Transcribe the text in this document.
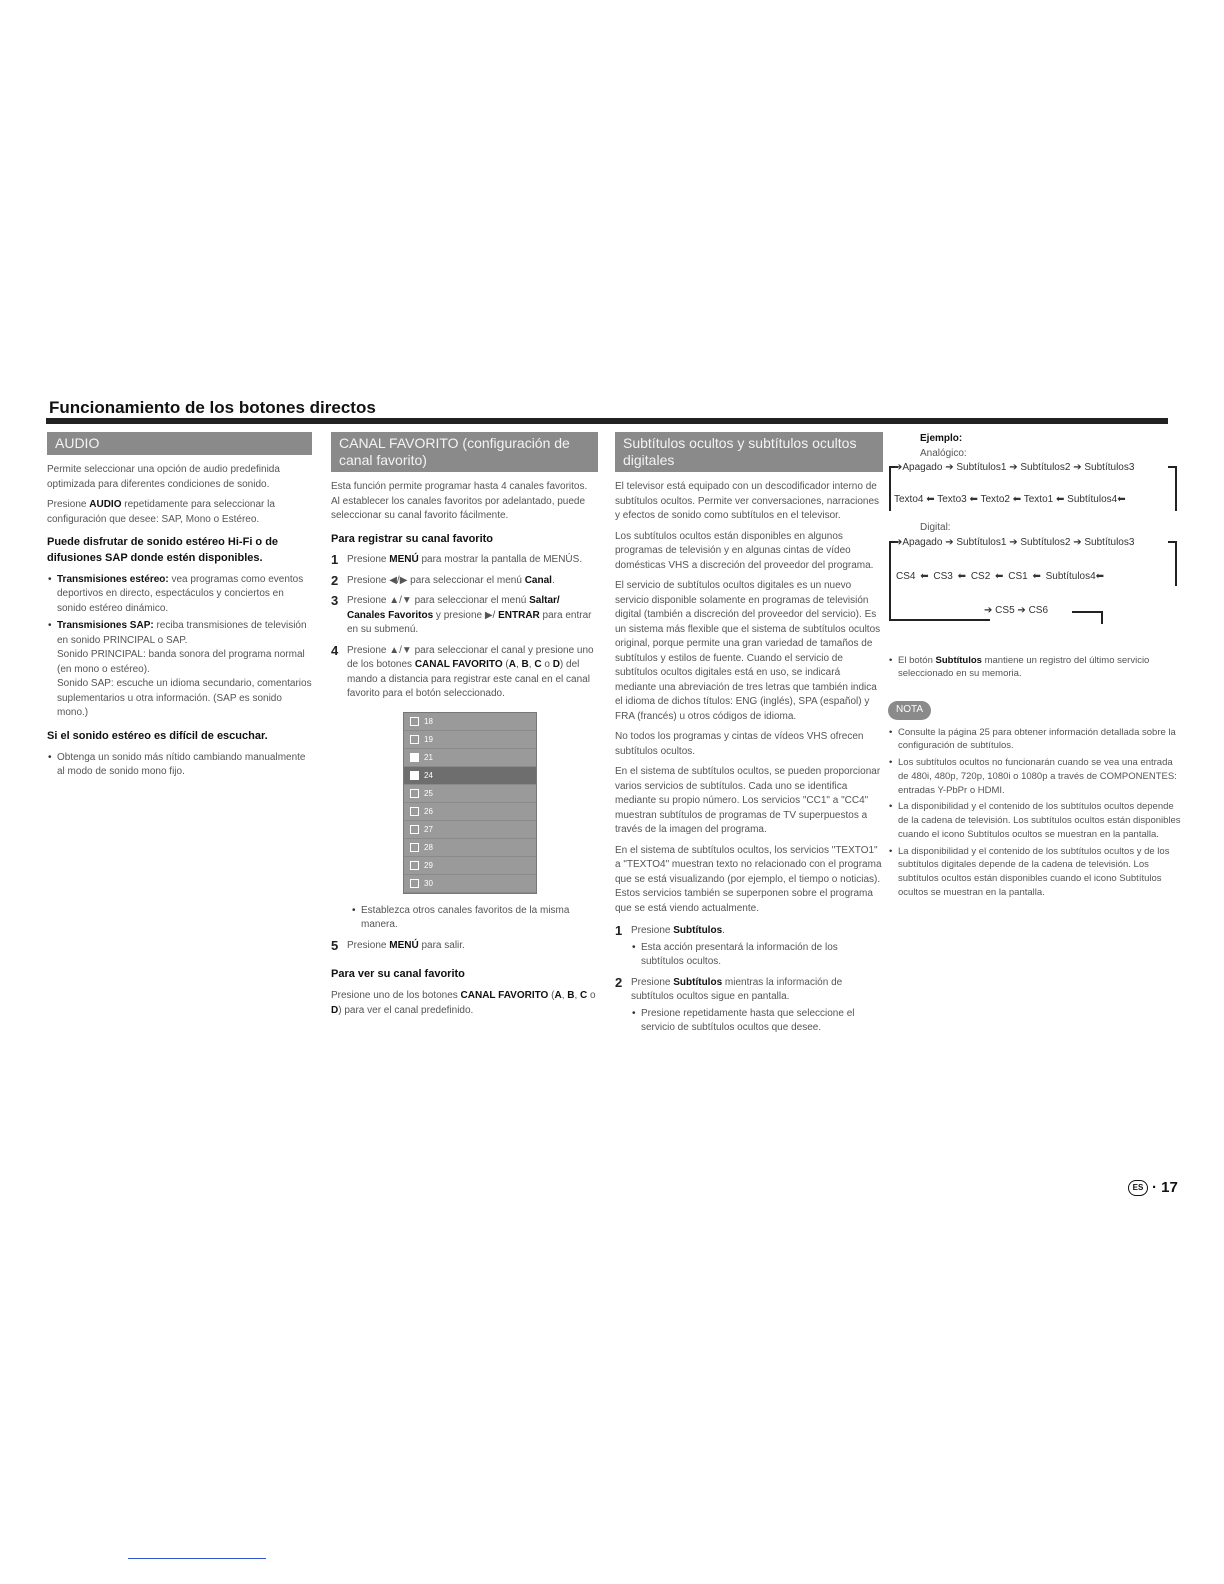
Funcionamiento de los botones directos
AUDIO

Permite seleccionar una opción de audio predefinida optimizada para diferentes condiciones de sonido.

Presione AUDIO repetidamente para seleccionar la configuración que desee: SAP, Mono o Estéreo.

Puede disfrutar de sonido estéreo Hi-Fi o de difusiones SAP donde estén disponibles.
• Transmisiones estéreo: vea programas como eventos deportivos en directo, espectáculos y conciertos en sonido estéreo dinámico.
• Transmisiones SAP: reciba transmisiones de televisión en sonido PRINCIPAL o SAP.
Sonido PRINCIPAL: banda sonora del programa normal (en mono o estéreo).
Sonido SAP: escuche un idioma secundario, comentarios suplementarios u otra información. (SAP es sonido mono.)
Si el sonido estéreo es difícil de escuchar.
• Obtenga un sonido más nítido cambiando manualmente al modo de sonido mono fijo.
CANAL FAVORITO (configuración de canal favorito)

Esta función permite programar hasta 4 canales favoritos. Al establecer los canales favoritos por adelantado, puede seleccionar su canal favorito fácilmente.

Para registrar su canal favorito
1 Presione MENÚ para mostrar la pantalla de MENÚS.
2 Presione ◀/▶ para seleccionar el menú Canal.
3 Presione ▲/▼ para seleccionar el menú Saltar/ Canales Favoritos y presione ▶/ ENTRAR para entrar en su submenú.
4 Presione ▲/▼ para seleccionar el canal y presione uno de los botones CANAL FAVORITO (A, B, C o D) del mando a distancia para registrar este canal en el canal favorito para el botón seleccionado.
18
19
21
24
25
26
27
28
29
30
• Establezca otros canales favoritos de la misma manera.
5 Presione MENÚ para salir.
Para ver su canal favorito

Presione uno de los botones CANAL FAVORITO (A, B, C o D) para ver el canal predefinido.

Subtítulos ocultos y subtítulos ocultos digitales

El televisor está equipado con un descodificador interno de subtítulos ocultos. Permite ver conversaciones, narraciones y efectos de sonido como subtítulos en el televisor.

Los subtítulos ocultos están disponibles en algunos programas de televisión y en algunas cintas de vídeo domésticas VHS a discreción del proveedor del programa.

El servicio de subtítulos ocultos digitales es un nuevo servicio disponible solamente en programas de televisión digital (también a discreción del proveedor del servicio). Es un sistema más flexible que el sistema de subtítulos ocultos original, porque permite una gran variedad de tamaños de subtítulos y estilos de fuente. Cuando el servicio de subtítulos ocultos digitales está en uso, se indicará mediante una abreviación de tres letras que también indica el idioma de dichos títulos: ENG (inglés), SPA (español) y FRA (francés) u otros códigos de idioma.

No todos los programas y cintas de vídeos VHS ofrecen subtítulos ocultos.

En el sistema de subtítulos ocultos, se pueden proporcionar varios servicios de subtítulos. Cada uno se identifica mediante su propio número. Los servicios "CC1" a "CC4" muestran subtítulos de programas de TV superpuestos a través de la imagen del programa.

En el sistema de subtítulos ocultos, los servicios "TEXTO1" a "TEXTO4" muestran texto no relacionado con el programa que se está visualizando (por ejemplo, el tiempo o noticias). Estos servicios también se superponen sobre el programa que se está viendo actualmente.

1 Presione Subtítulos.
• Esta acción presentará la información de los subtítulos ocultos.
2 Presione Subtítulos mientras la información de subtítulos ocultos sigue en pantalla.
• Presione repetidamente hasta que seleccione el servicio de subtítulos ocultos que desee.
Ejemplo:
Analógico:
➔Apagado ➔ Subtítulos1 ➔ Subtítulos2 ➔ Subtítulos3
Texto4 ⬅ Texto3 ⬅ Texto2 ⬅ Texto1 ⬅ Subtítulos4⬅
Digital:
➔Apagado ➔ Subtítulos1 ➔ Subtítulos2 ➔ Subtítulos3
CS4 ⬅ CS3 ⬅ CS2 ⬅ CS1 ⬅ Subtítulos4⬅
➔ CS5 ➔ CS6
• El botón Subtítulos mantiene un registro del último servicio seleccionado en su memoria.
NOTA
• Consulte la página 25 para obtener información detallada sobre la configuración de subtítulos.
• Los subtítulos ocultos no funcionarán cuando se vea una entrada de 480i, 480p, 720p, 1080i o 1080p a través de COMPONENTES: entradas Y-PbPr o HDMI.
• La disponibilidad y el contenido de los subtítulos ocultos depende de la cadena de televisión. Los subtítulos ocultos están disponibles cuando el icono Subtítulos ocultos se muestran en la pantalla.
• La disponibilidad y el contenido de los subtítulos ocultos y de los subtítulos digitales depende de la cadena de televisión. Los subtítulos ocultos están disponibles cuando el icono Subtítulos ocultos se muestran en la pantalla.
ES · 17
